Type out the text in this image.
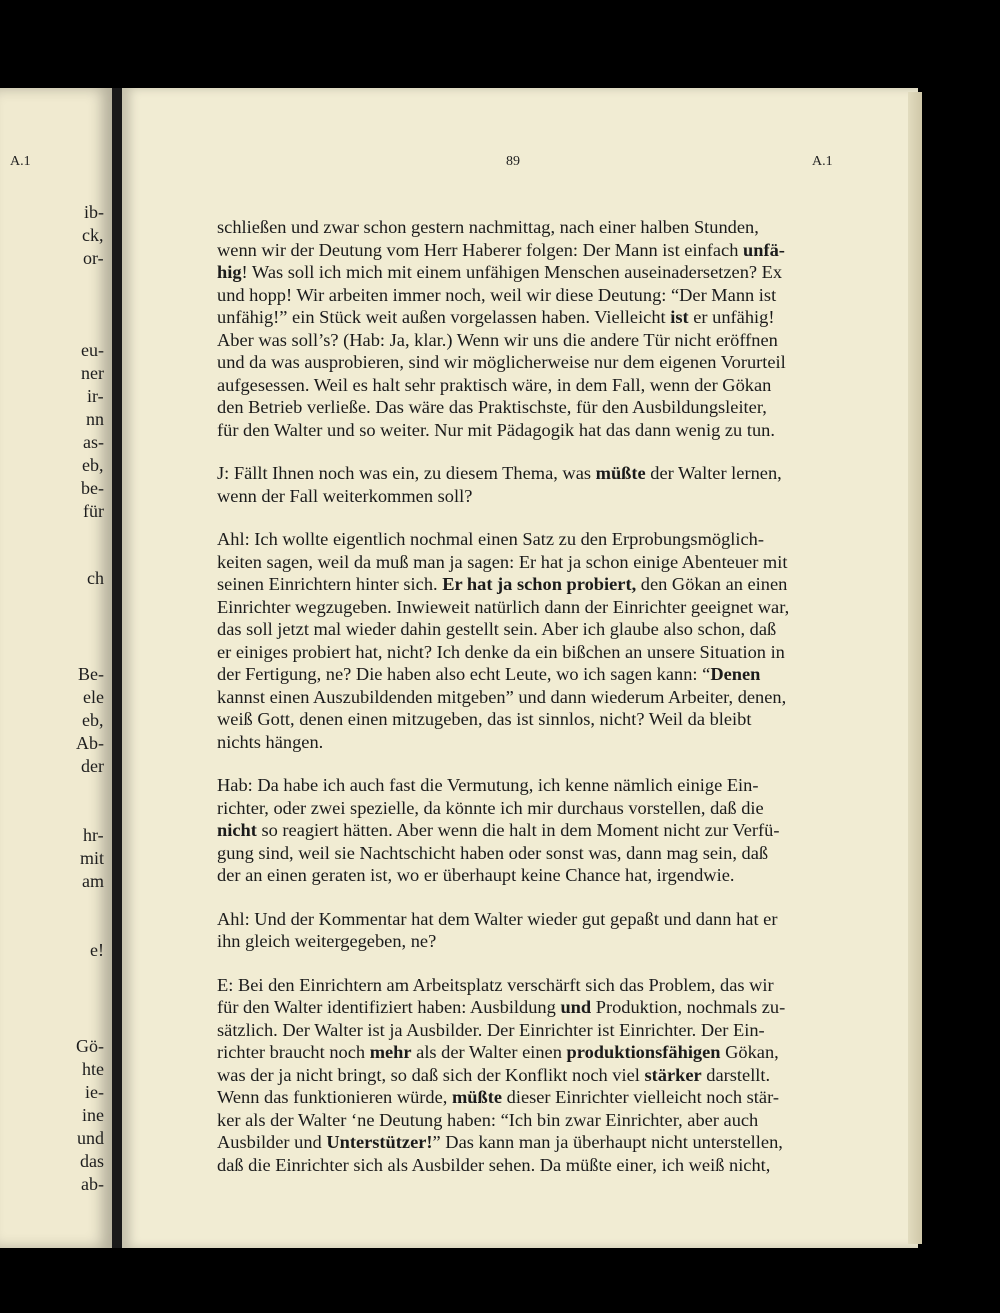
A.1
ib-
ck,
or-
eu-
ner
ir-
nn
as-
eb,
be-
für
ch
Be-
ele
eb,
Ab-
der
hr-
mit
am
e!
Gö-
hte
ie-
ine
und
das
ab-
89	A.1

schließen und zwar schon gestern nachmittag, nach einer halben Stunden,
wenn wir der Deutung vom Herr Haberer folgen: Der Mann ist einfach unfä-
hig! Was soll ich mich mit einem unfähigen Menschen auseinadersetzen? Ex
und hopp! Wir arbeiten immer noch, weil wir diese Deutung: “Der Mann ist
unfähig!” ein Stück weit außen vorgelassen haben. Vielleicht ist er unfähig!
Aber was soll’s? (Hab: Ja, klar.) Wenn wir uns die andere Tür nicht eröffnen
und da was ausprobieren, sind wir möglicherweise nur dem eigenen Vorurteil
aufgesessen. Weil es halt sehr praktisch wäre, in dem Fall, wenn der Gökan
den Betrieb verließe. Das wäre das Praktischste, für den Ausbildungsleiter,
für den Walter und so weiter. Nur mit Pädagogik hat das dann wenig zu tun.

J: Fällt Ihnen noch was ein, zu diesem Thema, was müßte der Walter lernen,
wenn der Fall weiterkommen soll?

Ahl: Ich wollte eigentlich nochmal einen Satz zu den Erprobungsmöglich-
keiten sagen, weil da muß man ja sagen: Er hat ja schon einige Abenteuer mit
seinen Einrichtern hinter sich. Er hat ja schon probiert, den Gökan an einen
Einrichter wegzugeben. Inwieweit natürlich dann der Einrichter geeignet war,
das soll jetzt mal wieder dahin gestellt sein. Aber ich glaube also schon, daß
er einiges probiert hat, nicht? Ich denke da ein bißchen an unsere Situation in
der Fertigung, ne? Die haben also echt Leute, wo ich sagen kann: “Denen
kannst einen Auszubildenden mitgeben” und dann wiederum Arbeiter, denen,
weiß Gott, denen einen mitzugeben, das ist sinnlos, nicht? Weil da bleibt
nichts hängen.

Hab: Da habe ich auch fast die Vermutung, ich kenne nämlich einige Ein-
richter, oder zwei spezielle, da könnte ich mir durchaus vorstellen, daß die
nicht so reagiert hätten. Aber wenn die halt in dem Moment nicht zur Verfü-
gung sind, weil sie Nachtschicht haben oder sonst was, dann mag sein, daß
der an einen geraten ist, wo er überhaupt keine Chance hat, irgendwie.

Ahl: Und der Kommentar hat dem Walter wieder gut gepaßt und dann hat er
ihn gleich weitergegeben, ne?

E: Bei den Einrichtern am Arbeitsplatz verschärft sich das Problem, das wir
für den Walter identifiziert haben: Ausbildung und Produktion, nochmals zu-
sätzlich. Der Walter ist ja Ausbilder. Der Einrichter ist Einrichter. Der Ein-
richter braucht noch mehr als der Walter einen produktionsfähigen Gökan,
was der ja nicht bringt, so daß sich der Konflikt noch viel stärker darstellt.
Wenn das funktionieren würde, müßte dieser Einrichter vielleicht noch stär-
ker als der Walter ‘ne Deutung haben: “Ich bin zwar Einrichter, aber auch
Ausbilder und Unterstützer!” Das kann man ja überhaupt nicht unterstellen,
daß die Einrichter sich als Ausbilder sehen. Da müßte einer, ich weiß nicht,
